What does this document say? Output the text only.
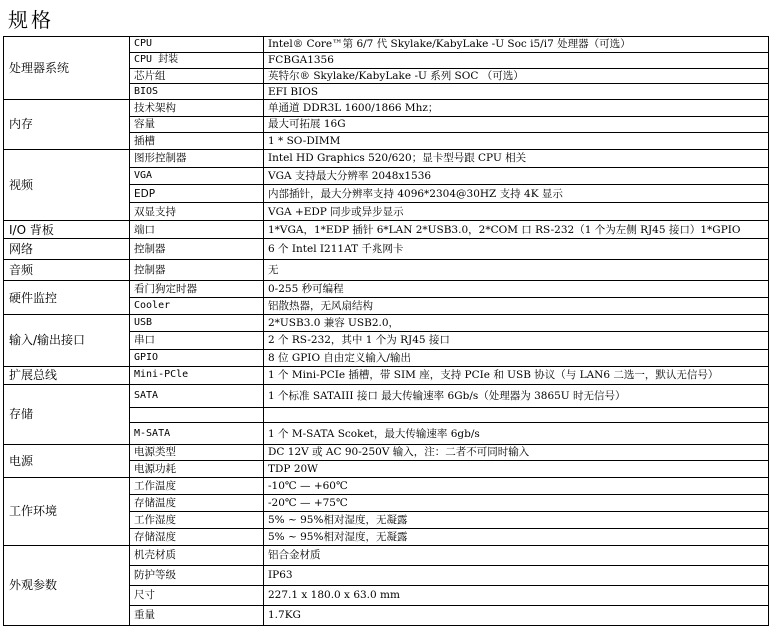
规格
处理器系统	CPU	Intel® Core™第 6/7 代 Skylake/KabyLake -U Soc i5/i7 处理器（可选）
	CPU 封装	FCBGA1356
	芯片组	英特尔® Skylake/KabyLake -U 系列 SOC （可选）
	BIOS	EFI BIOS
内存	技术架构	单通道 DDR3L 1600/1866 Mhz；
	容量	最大可拓展 16G
	插槽	1 * SO-DIMM
视频	图形控制器	Intel HD Graphics 520/620；显卡型号跟 CPU 相关
	VGA	VGA 支持最大分辨率 2048x1536
	EDP	内部插针，最大分辨率支持 4096*2304@30HZ 支持 4K 显示
	双显支持	VGA +EDP 同步或异步显示
I/O 背板	端口	1*VGA，1*EDP 插针 6*LAN 2*USB3.0，2*COM 口 RS-232（1 个为左侧 RJ45 接口）1*GPIO
网络	控制器	6 个 Intel I211AT 千兆网卡
音频	控制器	无
硬件监控	看门狗定时器	0-255 秒可编程
	Cooler	铝散热器，无风扇结构
输入/输出接口	USB	2*USB3.0 兼容 USB2.0，
	串口	2 个 RS-232，其中 1 个为 RJ45 接口
	GPIO	8 位 GPIO 自由定义输入/输出
扩展总线	Mini-PCle	1 个 Mini-PCIe 插槽，带 SIM 座，支持 PCIe 和 USB 协议（与 LAN6 二选一，默认无信号）
存储	SATA	1 个标准 SATAIII 接口 最大传输速率 6Gb/s（处理器为 3865U 时无信号）

	M-SATA	1 个 M-SATA Scoket，最大传输速率 6gb/s
电源	电源类型	DC 12V 或 AC 90-250V 输入，注：二者不可同时输入
	电源功耗	TDP 20W
工作环境	工作温度	-10℃ — +60℃
	存储温度	-20℃ — +75℃
	工作湿度	5% ~ 95%相对湿度，无凝露
	存储湿度	5% ~ 95%相对湿度，无凝露
外观参数	机壳材质	铝合金材质
	防护等级	IP63
	尺寸	227.1 x 180.0 x 63.0 mm
	重量	1.7KG
